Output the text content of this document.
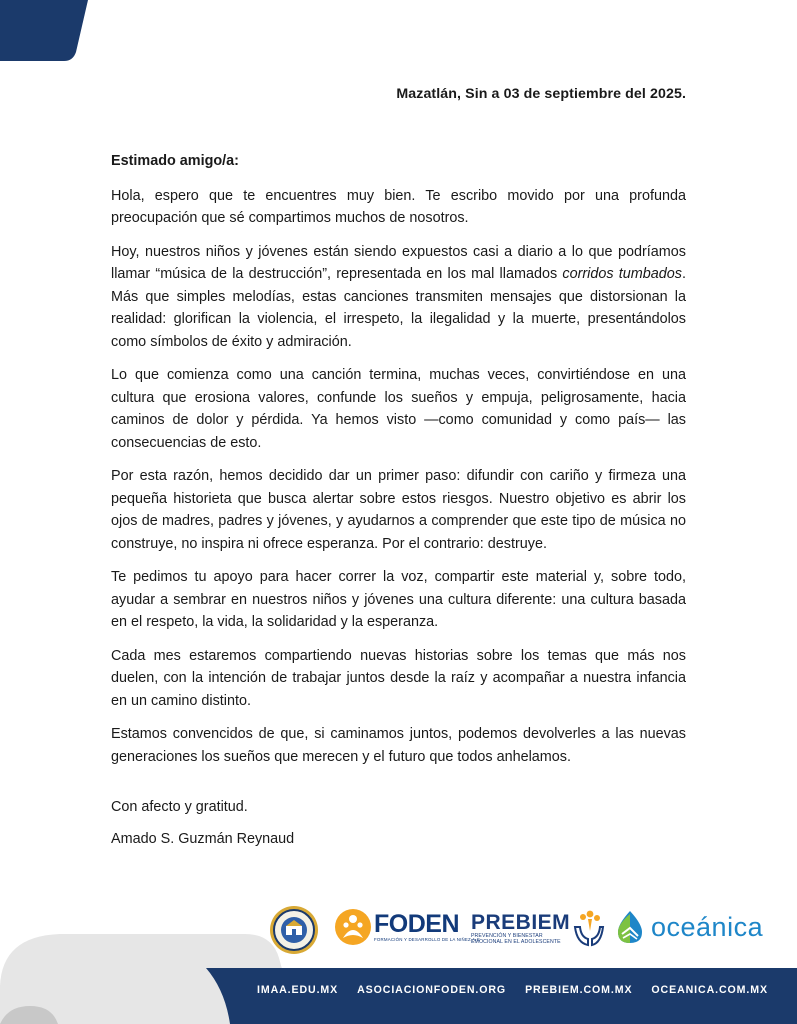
Mazatlán, Sin a 03 de septiembre del 2025.

Estimado amigo/a:

Hola, espero que te encuentres muy bien. Te escribo movido por una profunda preocupación que sé compartimos muchos de nosotros.

Hoy, nuestros niños y jóvenes están siendo expuestos casi a diario a lo que podríamos llamar “música de la destrucción”, representada en los mal llamados corridos tumbados. Más que simples melodías, estas canciones transmiten mensajes que distorsionan la realidad: glorifican la violencia, el irrespeto, la ilegalidad y la muerte, presentándolos como símbolos de éxito y admiración.

Lo que comienza como una canción termina, muchas veces, convirtiéndose en una cultura que erosiona valores, confunde los sueños y empuja, peligrosamente, hacia caminos de dolor y pérdida. Ya hemos visto —como comunidad y como país— las consecuencias de esto.

Por esta razón, hemos decidido dar un primer paso: difundir con cariño y firmeza una pequeña historieta que busca alertar sobre estos riesgos. Nuestro objetivo es abrir los ojos de madres, padres y jóvenes, y ayudarnos a comprender que este tipo de música no construye, no inspira ni ofrece esperanza. Por el contrario: destruye.

Te pedimos tu apoyo para hacer correr la voz, compartir este material y, sobre todo, ayudar a sembrar en nuestros niños y jóvenes una cultura diferente: una cultura basada en el respeto, la vida, la solidaridad y la esperanza.

Cada mes estaremos compartiendo nuevas historias sobre los temas que más nos duelen, con la intención de trabajar juntos desde la raíz y acompañar a nuestra infancia en un camino distinto.

Estamos convencidos de que, si caminamos juntos, podemos devolverles a las nuevas generaciones los sueños que merecen y el futuro que todos anhelamos.

Con afecto y gratitud.

Amado S. Guzmán Reynaud

FODEN
FORMACIÓN Y DESARROLLO DE LA NIÑEZ A.C
PREBIEM
PREVENCIÓN Y BIENESTAR
EMOCIONAL EN EL ADOLESCENTE	oceánica
IMAA.EDU.MX ASOCIACIONFODEN.ORG PREBIEM.COM.MX OCEANICA.COM.MX
